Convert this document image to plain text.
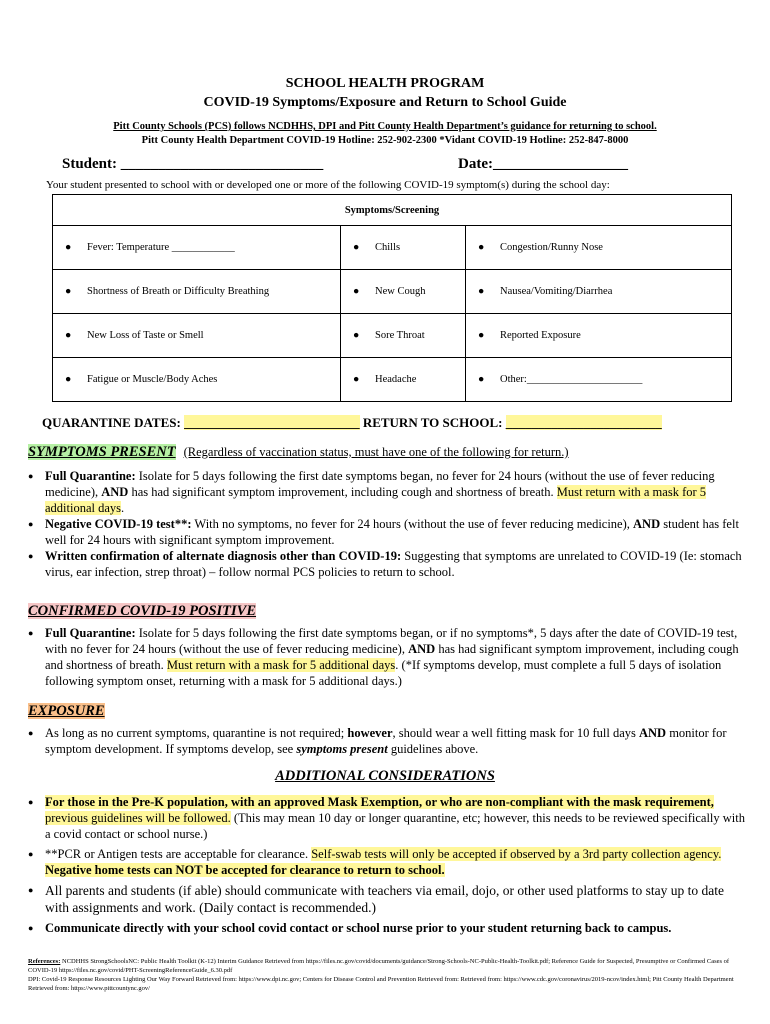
SCHOOL HEALTH PROGRAM
COVID-19 Symptoms/Exposure and Return to School Guide
Pitt County Schools (PCS) follows NCDHHS, DPI and Pitt County Health Department’s guidance for returning to school.
Pitt County Health Department COVID-19 Hotline: 252-902-2300 *Vidant COVID-19 Hotline: 252-847-8000
Student: ___________________________	Date:__________________
Your student presented to school with or developed one or more of the following COVID-19 symptom(s) during the school day:
Symptoms/Screening		
● Fever: Temperature ____________	● Chills	● Congestion/Runny Nose
● Shortness of Breath or Difficulty Breathing	● New Cough	● Nausea/Vomiting/Diarrhea
● New Loss of Taste or Smell	● Sore Throat	● Reported Exposure
● Fatigue or Muscle/Body Aches	● Headache	● Other:______________________
QUARANTINE DATES: ___________________________ RETURN TO SCHOOL: ________________________
SYMPTOMS PRESENT (Regardless of vaccination status, must have one of the following for return.)
● Full Quarantine: Isolate for 5 days following the first date symptoms began, no fever for 24 hours (without the use of fever reducing medicine), AND has had significant symptom improvement, including cough and shortness of breath. Must return with a mask for 5 additional days.
● Negative COVID-19 test**: With no symptoms, no fever for 24 hours (without the use of fever reducing medicine), AND student has felt well for 24 hours with significant symptom improvement.
● Written confirmation of alternate diagnosis other than COVID-19: Suggesting that symptoms are unrelated to COVID-19 (Ie: stomach virus, ear infection, strep throat) – follow normal PCS policies to return to school.
CONFIRMED COVID-19 POSITIVE
● Full Quarantine: Isolate for 5 days following the first date symptoms began, or if no symptoms*, 5 days after the date of COVID-19 test, with no fever for 24 hours (without the use of fever reducing medicine), AND has had significant symptom improvement, including cough and shortness of breath. Must return with a mask for 5 additional days. (*If symptoms develop, must complete a full 5 days of isolation following symptom onset, returning with a mask for 5 additional days.)
EXPOSURE
● As long as no current symptoms, quarantine is not required; however, should wear a well fitting mask for 10 full days AND monitor for symptom development. If symptoms develop, see symptoms present guidelines above.
ADDITIONAL CONSIDERATIONS
● For those in the Pre-K population, with an approved Mask Exemption, or who are non-compliant with the mask requirement, previous guidelines will be followed. (This may mean 10 day or longer quarantine, etc; however, this needs to be reviewed specifically with a covid contact or school nurse.)
● **PCR or Antigen tests are acceptable for clearance. Self-swab tests will only be accepted if observed by a 3rd party collection agency. Negative home tests can NOT be accepted for clearance to return to school.
● All parents and students (if able) should communicate with teachers via email, dojo, or other used platforms to stay up to date with assignments and work. (Daily contact is recommended.)
● Communicate directly with your school covid contact or school nurse prior to your student returning back to campus.
References: NCDHHS StrongSchoolsNC: Public Health Toolkit (K-12) Interim Guidance Retrieved from https://files.nc.gov/covid/documents/guidance/Strong-Schools-NC-Public-Health-Toolkit.pdf; Reference Guide for Suspected, Presumptive or Confirmed Cases of COVID-19 https://files.nc.gov/covid/PHT-ScreeningReferenceGuide_6.30.pdf
DPI: Covid-19 Response Resources Lighting Our Way Forward Retrieved from: https://www.dpi.nc.gov; Centers for Disease Control and Prevention Retrieved from: Retrieved from: https://www.cdc.gov/coronavirus/2019-ncov/index.html; Pitt County Health Department Retrieved from: https://www.pittcountync.gov/
